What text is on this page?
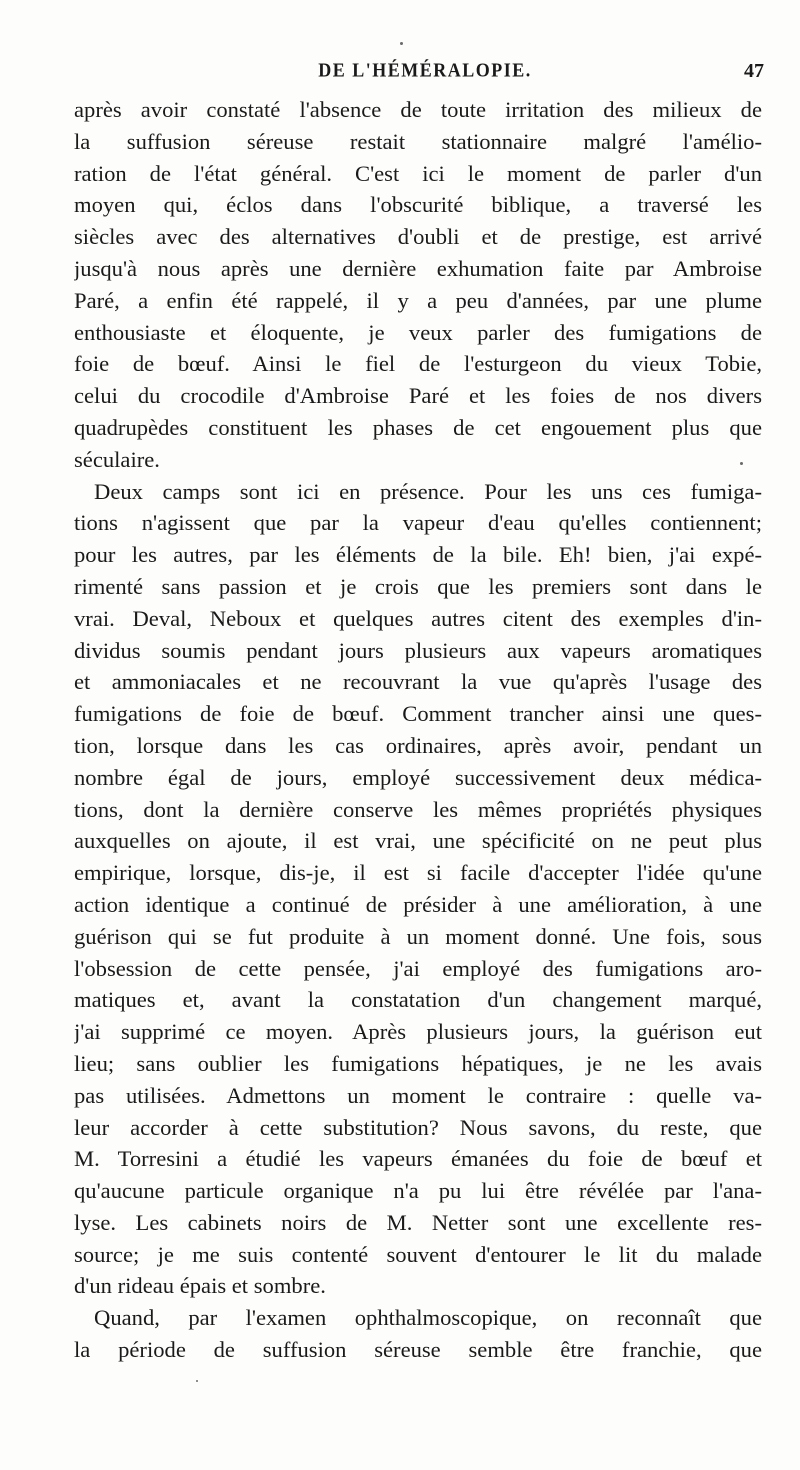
DE L'HÉMÉRALOPIE.	47
après avoir constaté l'absence de toute irritation des milieux de
la suffusion séreuse restait stationnaire malgré l'amélio-
ration de l'état général. C'est ici le moment de parler d'un
moyen qui, éclos dans l'obscurité biblique, a traversé les
siècles avec des alternatives d'oubli et de prestige, est arrivé
jusqu'à nous après une dernière exhumation faite par Ambroise
Paré, a enfin été rappelé, il y a peu d'années, par une plume
enthousiaste et éloquente, je veux parler des fumigations de
foie de bœuf. Ainsi le fiel de l'esturgeon du vieux Tobie,
celui du crocodile d'Ambroise Paré et les foies de nos divers
quadrupèdes constituent les phases de cet engouement plus que
séculaire.
Deux camps sont ici en présence. Pour les uns ces fumiga-
tions n'agissent que par la vapeur d'eau qu'elles contiennent;
pour les autres, par les éléments de la bile. Eh! bien, j'ai expé-
rimenté sans passion et je crois que les premiers sont dans le
vrai. Deval, Neboux et quelques autres citent des exemples d'in-
dividus soumis pendant jours plusieurs aux vapeurs aromatiques
et ammoniacales et ne recouvrant la vue qu'après l'usage des
fumigations de foie de bœuf. Comment trancher ainsi une ques-
tion, lorsque dans les cas ordinaires, après avoir, pendant un
nombre égal de jours, employé successivement deux médica-
tions, dont la dernière conserve les mêmes propriétés physiques
auxquelles on ajoute, il est vrai, une spécificité on ne peut plus
empirique, lorsque, dis-je, il est si facile d'accepter l'idée qu'une
action identique a continué de présider à une amélioration, à une
guérison qui se fut produite à un moment donné. Une fois, sous
l'obsession de cette pensée, j'ai employé des fumigations aro-
matiques et, avant la constatation d'un changement marqué,
j'ai supprimé ce moyen. Après plusieurs jours, la guérison eut
lieu; sans oublier les fumigations hépatiques, je ne les avais
pas utilisées. Admettons un moment le contraire : quelle va-
leur accorder à cette substitution? Nous savons, du reste, que
M. Torresini a étudié les vapeurs émanées du foie de bœuf et
qu'aucune particule organique n'a pu lui être révélée par l'ana-
lyse. Les cabinets noirs de M. Netter sont une excellente res-
source; je me suis contenté souvent d'entourer le lit du malade
d'un rideau épais et sombre.
Quand, par l'examen ophthalmoscopique, on reconnaît que
la période de suffusion séreuse semble être franchie, que
